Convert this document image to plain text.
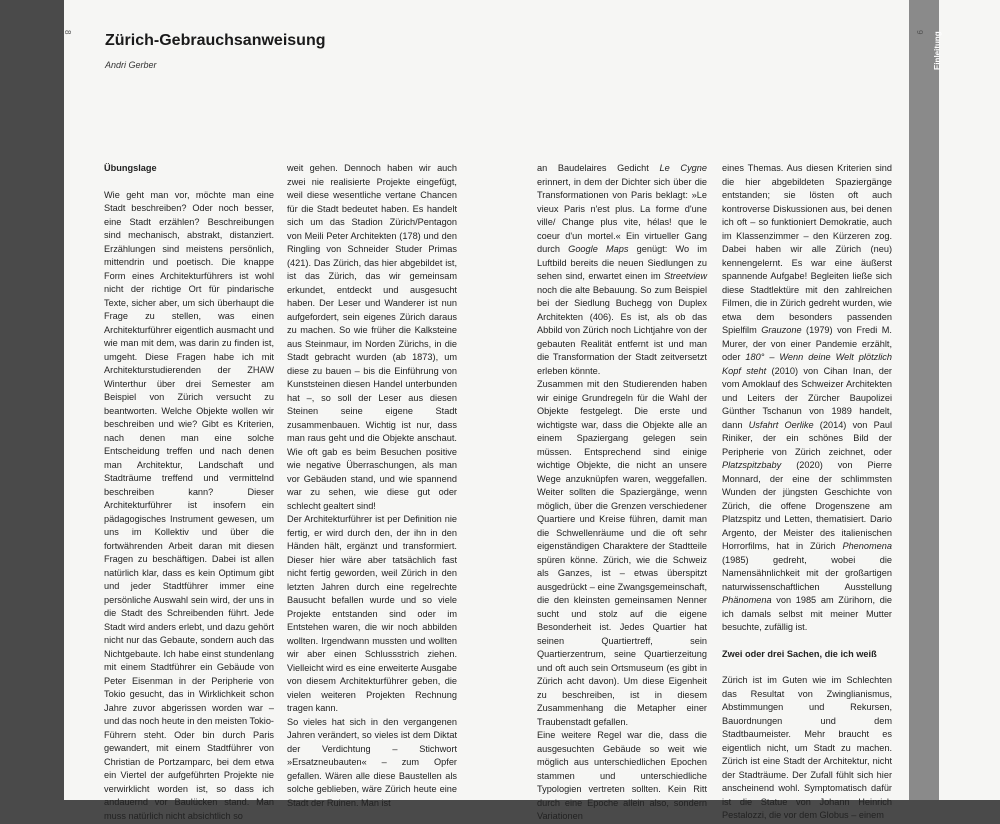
8 Zürich-Gebrauchsanweisung
Andri Gerber	Einleitung
9

Übungslage

Wie geht man vor, möchte man eine Stadt beschreiben? Oder noch besser, eine Stadt erzählen? Beschreibungen sind mechanisch, abstrakt, distanziert. Erzählungen sind meistens persönlich, mittendrin und poetisch. Die knappe Form eines Architekturführers ist wohl nicht der richtige Ort für pindarische Texte, sicher aber, um sich überhaupt die Frage zu stellen, was einen Architekturführer eigentlich ausmacht und wie man mit dem, was darin zu finden ist, umgeht. Diese Fragen habe ich mit Architekturstudierenden der ZHAW Winterthur über drei Semester am Beispiel von Zürich versucht zu beantworten. Welche Objekte wollen wir beschreiben und wie? Gibt es Kriterien, nach denen man eine solche Entscheidung treffen und nach denen man Architektur, Landschaft und Stadträume treffend und vermittelnd beschreiben kann? Dieser Architekturführer ist insofern ein pädagogisches Instrument gewesen, um uns im Kollektiv und über die fortwährenden Arbeit daran mit diesen Fragen zu beschäftigen. Dabei ist allen natürlich klar, dass es kein Optimum gibt und jeder Stadtführer immer eine persönliche Auswahl sein wird, der uns in die Stadt des Schreibenden führt. Jede Stadt wird anders erlebt, und dazu gehört nicht nur das Gebaute, sondern auch das Nichtgebaute. Ich habe einst stundenlang mit einem Stadtführer ein Gebäude von Peter Eisenman in der Peripherie von Tokio gesucht, das in Wirklichkeit schon Jahre zuvor abgerissen worden war – und das noch heute in den meisten Tokio-Führern steht. Oder bin durch Paris gewandert, mit einem Stadtführer von Christian de Portzamparc, bei dem etwa ein Viertel der aufgeführten Projekte nie verwirklicht worden ist, so dass ich andauernd vor Baulücken stand. Man muss natürlich nicht absichtlich so

weit gehen. Dennoch haben wir auch zwei nie realisierte Projekte eingefügt, weil diese wesentliche vertane Chancen für die Stadt bedeutet haben. Es handelt sich um das Stadion Zürich/Pentagon von Meili Peter Architekten (178) und den Ringling von Schneider Studer Primas (421). Das Zürich, das hier abgebildet ist, ist das Zürich, das wir gemeinsam erkundet, entdeckt und ausgesucht haben. Der Leser und Wanderer ist nun aufgefordert, sein eigenes Zürich daraus zu machen. So wie früher die Kalksteine aus Steinmaur, im Norden Zürichs, in die Stadt gebracht wurden (ab 1873), um diese zu bauen – bis die Einführung von Kunststeinen diesen Handel unterbunden hat –, so soll der Leser aus diesen Steinen seine eigene Stadt zusammenbauen. Wichtig ist nur, dass man raus geht und die Objekte anschaut. Wie oft gab es beim Besuchen positive wie negative Überraschungen, als man vor Gebäuden stand, und wie spannend war zu sehen, wie diese gut oder schlecht gealtert sind!

Der Architekturführer ist per Definition nie fertig, er wird durch den, der ihn in den Händen hält, ergänzt und transformiert. Dieser hier wäre aber tatsächlich fast nicht fertig geworden, weil Zürich in den letzten Jahren durch eine regelrechte Bausucht befallen wurde und so viele Projekte entstanden sind oder im Entstehen waren, die wir noch abbilden wollten. Irgendwann mussten und wollten wir aber einen Schlussstrich ziehen. Vielleicht wird es eine erweiterte Ausgabe von diesem Architekturführer geben, die vielen weiteren Projekten Rechnung tragen kann.

So vieles hat sich in den vergangenen Jahren verändert, so vieles ist dem Diktat der Verdichtung – Stichwort »Ersatzneubauten« – zum Opfer gefallen. Wären alle diese Baustellen als solche geblieben, wäre Zürich heute eine Stadt der Ruinen. Man ist

an Baudelaires Gedicht Le Cygne erinnert, in dem der Dichter sich über die Transformationen von Paris beklagt: »Le vieux Paris n'est plus. La forme d'une ville/ Change plus vite, hélas! que le coeur d'un mortel.« Ein virtueller Gang durch Google Maps genügt: Wo im Luftbild bereits die neuen Siedlungen zu sehen sind, erwartet einen im Streetview noch die alte Bebauung. So zum Beispiel bei der Siedlung Buchegg von Duplex Architekten (406). Es ist, als ob das Abbild von Zürich noch Lichtjahre von der gebauten Realität entfernt ist und man die Transformation der Stadt zeitversetzt erleben könnte.

Zusammen mit den Studierenden haben wir einige Grundregeln für die Wahl der Objekte festgelegt. Die erste und wichtigste war, dass die Objekte alle an einem Spaziergang gelegen sein müssen. Entsprechend sind einige wichtige Objekte, die nicht an unsere Wege anzuknüpfen waren, weggefallen. Weiter sollten die Spaziergänge, wenn möglich, über die Grenzen verschiedener Quartiere und Kreise führen, damit man die Schwellenräume und die oft sehr eigenständigen Charaktere der Stadtteile spüren könne. Zürich, wie die Schweiz als Ganzes, ist – etwas überspitzt ausgedrückt – eine Zwangsgemeinschaft, die den kleinsten gemeinsamen Nenner sucht und stolz auf die eigene Besonderheit ist. Jedes Quartier hat seinen Quartiertreff, sein Quartierzentrum, seine Quartierzeitung und oft auch sein Ortsmuseum (es gibt in Zürich acht davon). Um diese Eigenheit zu beschreiben, ist in diesem Zusammenhang die Metapher einer Traubenstadt gefallen.

Eine weitere Regel war die, dass die ausgesuchten Gebäude so weit wie möglich aus unterschiedlichen Epochen stammen und unterschiedliche Typologien vertreten sollten. Kein Ritt durch eine Epoche allein also, sondern Variationen

eines Themas. Aus diesen Kriterien sind die hier abgebildeten Spaziergänge entstanden; sie lösten oft auch kontroverse Diskussionen aus, bei denen ich oft – so funktioniert Demokratie, auch im Klassenzimmer – den Kürzeren zog. Dabei haben wir alle Zürich (neu) kennengelernt. Es war eine äußerst spannende Aufgabe! Begleiten ließe sich diese Stadtlektüre mit den zahlreichen Filmen, die in Zürich gedreht wurden, wie etwa dem besonders passenden Spielfilm Grauzone (1979) von Fredi M. Murer, der von einer Pandemie erzählt, oder 180° – Wenn deine Welt plötzlich Kopf steht (2010) von Cihan Inan, der vom Amoklauf des Schweizer Architekten und Leiters der Zürcher Baupolizei Günther Tschanun von 1989 handelt, dann Usfahrt Oerlike (2014) von Paul Riniker, der ein schönes Bild der Peripherie von Zürich zeichnet, oder Platzspitzbaby (2020) von Pierre Monnard, der eine der schlimmsten Wunden der jüngsten Geschichte von Zürich, die offene Drogenszene am Platzspitz und Letten, thematisiert. Dario Argento, der Meister des italienischen Horrorfilms, hat in Zürich Phenomena (1985) gedreht, wobei die Namensähnlichkeit mit der großartigen naturwissenschaftlichen Ausstellung Phänomena von 1985 am Zürihorn, die ich damals selbst mit meiner Mutter besuchte, zufällig ist.

Zwei oder drei Sachen, die ich weiß

Zürich ist im Guten wie im Schlechten das Resultat von Zwinglianismus, Abstimmungen und Rekursen, Bauordnungen und dem Stadtbaumeister. Mehr braucht es eigentlich nicht, um Stadt zu machen. Zürich ist eine Stadt der Architektur, nicht der Stadträume. Der Zufall fühlt sich hier anscheinend wohl. Symptomatisch dafür ist die Statue von Johann Heinrich Pestalozzi, die vor dem Globus – einem
